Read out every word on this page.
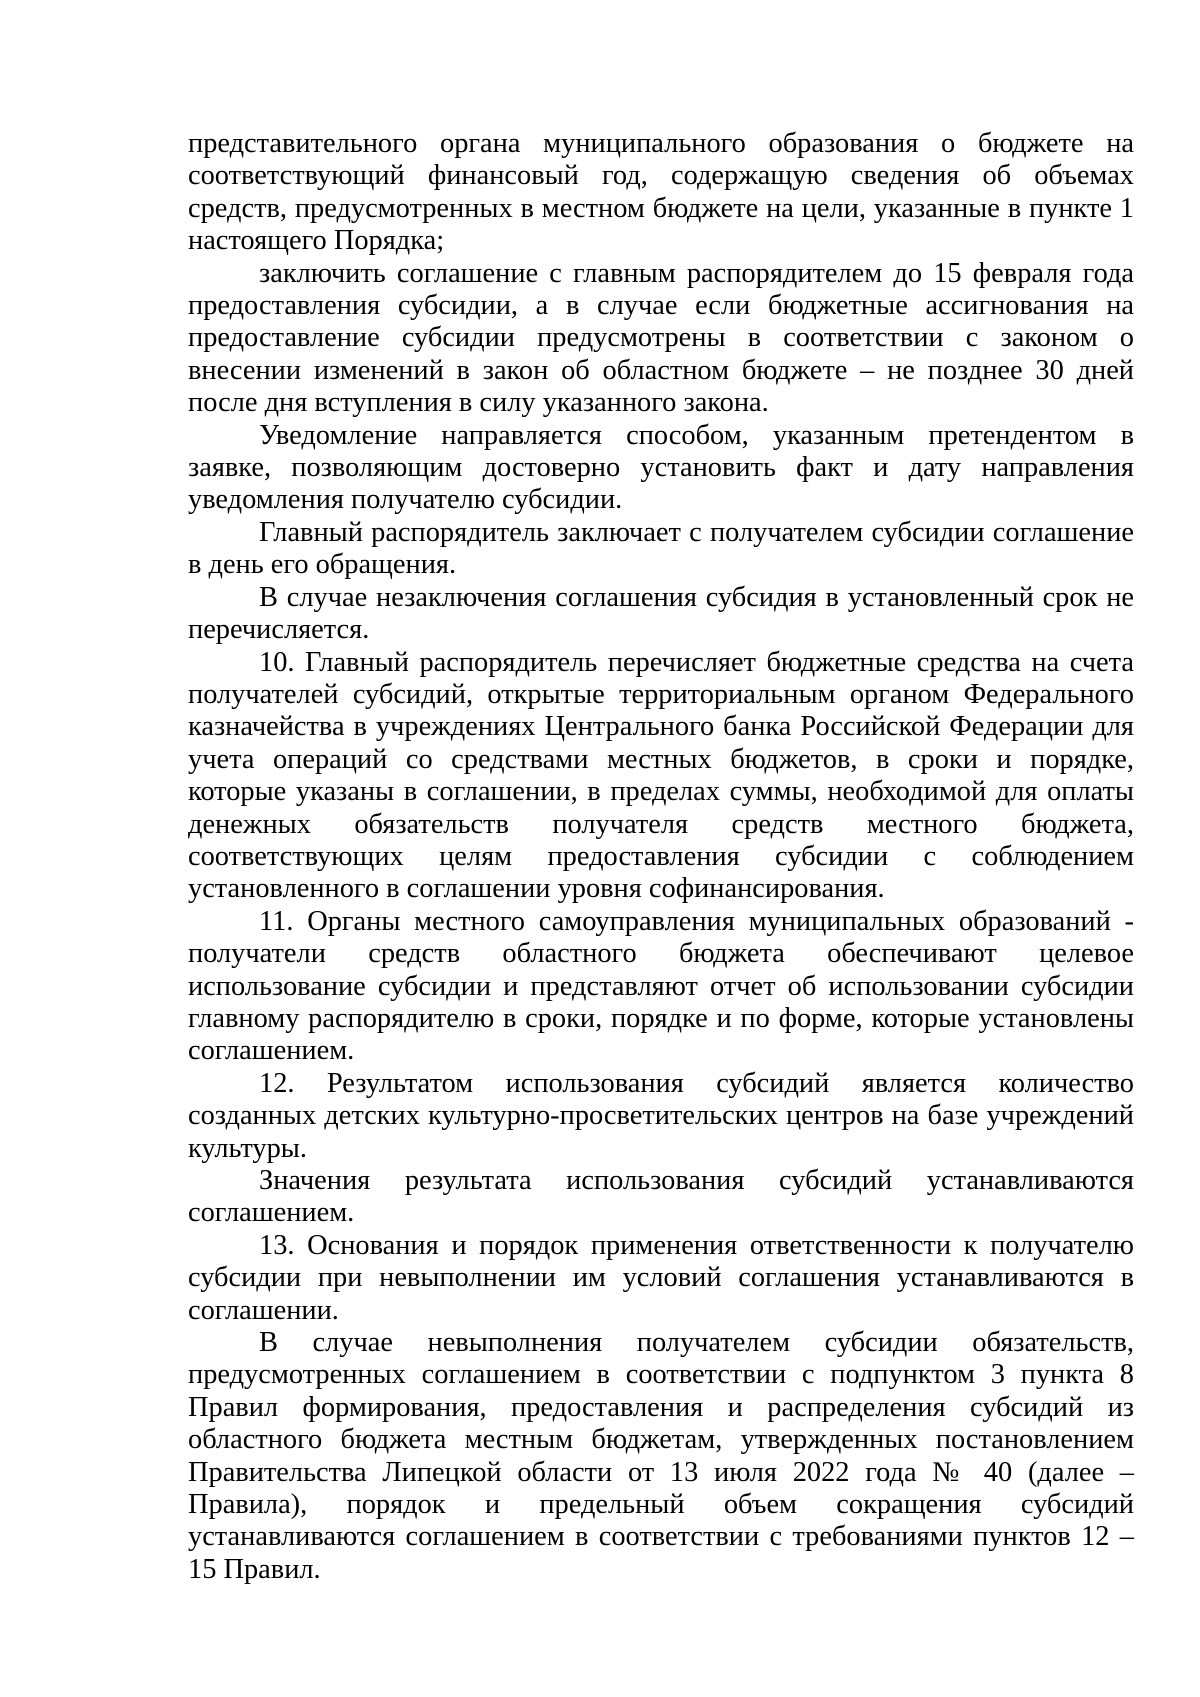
представительного органа муниципального образования о бюджете на соответствующий финансовый год, содержащую сведения об объемах средств, предусмотренных в местном бюджете на цели, указанные в пункте 1 настоящего Порядка;

заключить соглашение с главным распорядителем до 15 февраля года предоставления субсидии, а в случае если бюджетные ассигнования на предоставление субсидии предусмотрены в соответствии с законом о внесении изменений в закон об областном бюджете – не позднее 30 дней после дня вступления в силу указанного закона.

Уведомление направляется способом, указанным претендентом в заявке, позволяющим достоверно установить факт и дату направления уведомления получателю субсидии.

Главный распорядитель заключает с получателем субсидии соглашение в день его обращения.

В случае незаключения соглашения субсидия в установленный срок не перечисляется.

10. Главный распорядитель перечисляет бюджетные средства на счета получателей субсидий, открытые территориальным органом Федерального казначейства в учреждениях Центрального банка Российской Федерации для учета операций со средствами местных бюджетов, в сроки и порядке, которые указаны в соглашении, в пределах суммы, необходимой для оплаты денежных обязательств получателя средств местного бюджета, соответствующих целям предоставления субсидии с соблюдением установленного в соглашении уровня софинансирования.

11. Органы местного самоуправления муниципальных образований - получатели средств областного бюджета обеспечивают целевое использование субсидии и представляют отчет об использовании субсидии главному распорядителю в сроки, порядке и по форме, которые установлены соглашением.

12. Результатом использования субсидий является количество созданных детских культурно-просветительских центров на базе учреждений культуры.

Значения результата использования субсидий устанавливаются соглашением.

13. Основания и порядок применения ответственности к получателю субсидии при невыполнении им условий соглашения устанавливаются в соглашении.

В случае невыполнения получателем субсидии обязательств, предусмотренных соглашением в соответствии с подпунктом 3 пункта 8 Правил формирования, предоставления и распределения субсидий из областного бюджета местным бюджетам, утвержденных постановлением Правительства Липецкой области от 13 июля 2022 года № 40 (далее – Правила), порядок и предельный объем сокращения субсидий устанавливаются соглашением в соответствии с требованиями пунктов 12 – 15 Правил.
